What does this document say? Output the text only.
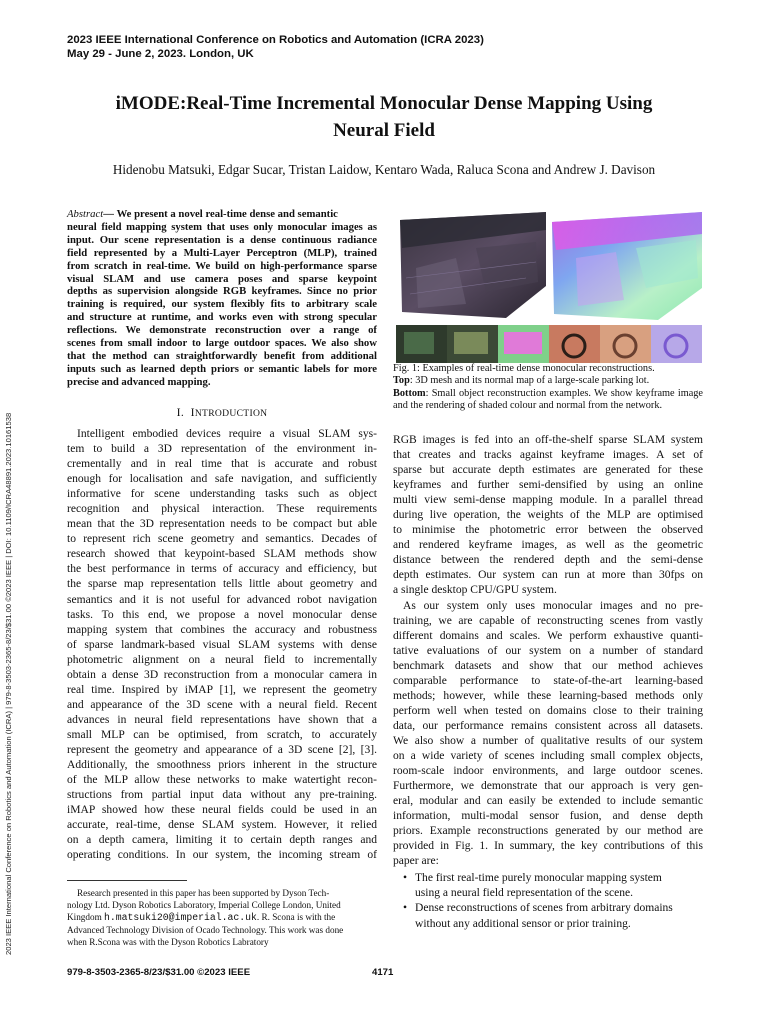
2023 IEEE International Conference on Robotics and Automation (ICRA 2023)
May 29 - June 2, 2023. London, UK
iMODE:Real-Time Incremental Monocular Dense Mapping Using
Neural Field
Hidenobu Matsuki, Edgar Sucar, Tristan Laidow, Kentaro Wada, Raluca Scona and Andrew J. Davison
2023 IEEE International Conference on Robotics and Automation (ICRA) | 979-8-3503-2365-8/23/$31.00 ©2023 IEEE | DOI: 10.1109/ICRA48891.2023.10161538
Abstract— We present a novel real-time dense and semantic
neural field mapping system that uses only monocular images as
input. Our scene representation is a dense continuous radiance
field represented by a Multi-Layer Perceptron (MLP), trained
from scratch in real-time. We build on high-performance sparse
visual SLAM and use camera poses and sparse keypoint
depths as supervision alongside RGB keyframes. Since no prior
training is required, our system flexibly fits to arbitrary scale
and structure at runtime, and works even with strong specular
reflections. We demonstrate reconstruction over a range of
scenes from small indoor to large outdoor spaces. We also show
that the method can straightforwardly benefit from additional
inputs such as learned depth priors or semantic labels for more
precise and advanced mapping.
I. INTRODUCTION
Intelligent embodied devices require a visual SLAM sys-
tem to build a 3D representation of the environment in-
crementally and in real time that is accurate and robust
enough for localisation and safe navigation, and sufficiently
informative for scene understanding tasks such as object
recognition and physical interaction. These requirements
mean that the 3D representation needs to be compact but able
to represent rich scene geometry and semantics. Decades of
research showed that keypoint-based SLAM methods show
the best performance in terms of accuracy and efficiency, but
the sparse map representation tells little about geometry and
semantics and it is not useful for advanced robot navigation
tasks. To this end, we propose a novel monocular dense
mapping system that combines the accuracy and robustness
of sparse landmark-based visual SLAM systems with dense
photometric alignment on a neural field to incrementally
obtain a dense 3D reconstruction from a monocular camera in
real time. Inspired by iMAP [1], we represent the geometry
and appearance of the 3D scene with a neural field. Recent
advances in neural field representations have shown that a
small MLP can be optimised, from scratch, to accurately
represent the geometry and appearance of a 3D scene [2], [3].
Additionally, the smoothness priors inherent in the structure
of the MLP allow these networks to make watertight recon-
structions from partial input data without any pre-training.
iMAP showed how these neural fields could be used in an
accurate, real-time, dense SLAM system. However, it relied
on a depth camera, limiting it to certain depth ranges and
operating conditions. In our system, the incoming stream of
Research presented in this paper has been supported by Dyson Tech-
nology Ltd. Dyson Robotics Laboratory, Imperial College London, United
Kingdom h.matsuki20@imperial.ac.uk. R. Scona is with the
Advanced Technology Division of Ocado Technology. This work was done
when R.Scona was with the Dyson Robotics Labratory
979-8-3503-2365-8/23/$31.00 ©2023 IEEE	4171
Fig. 1: Examples of real-time dense monocular reconstructions.
Top: 3D mesh and its normal map of a large-scale parking lot.
Bottom: Small object reconstruction examples. We show keyframe image and the rendering of shaded colour and normal from the network.
RGB images is fed into an off-the-shelf sparse SLAM system
that creates and tracks against keyframe images. A set of
sparse but accurate depth estimates are generated for these
keyframes and further semi-densified by using an online
multi view semi-dense mapping module. In a parallel thread
during live operation, the weights of the MLP are optimised
to minimise the photometric error between the observed
and rendered keyframe images, as well as the geometric
distance between the rendered depth and the semi-dense
depth estimates. Our system can run at more than 30fps on
a single desktop CPU/GPU system.
As our system only uses monocular images and no pre-
training, we are capable of reconstructing scenes from vastly
different domains and scales. We perform exhaustive quanti-
tative evaluations of our system on a number of standard
benchmark datasets and show that our method achieves
comparable performance to state-of-the-art learning-based
methods; however, while these learning-based methods only
perform well when tested on domains close to their training
data, our performance remains consistent across all datasets.
We also show a number of qualitative results of our system
on a wide variety of scenes including small complex objects,
room-scale indoor environments, and large outdoor scenes.
Furthermore, we demonstrate that our approach is very gen-
eral, modular and can easily be extended to include semantic
information, multi-modal sensor fusion, and dense depth
priors. Example reconstructions generated by our method are
provided in Fig. 1. In summary, the key contributions of this
paper are:
• The first real-time purely monocular mapping system
using a neural field representation of the scene.
• Dense reconstructions of scenes from arbitrary domains
without any additional sensor or prior training.
